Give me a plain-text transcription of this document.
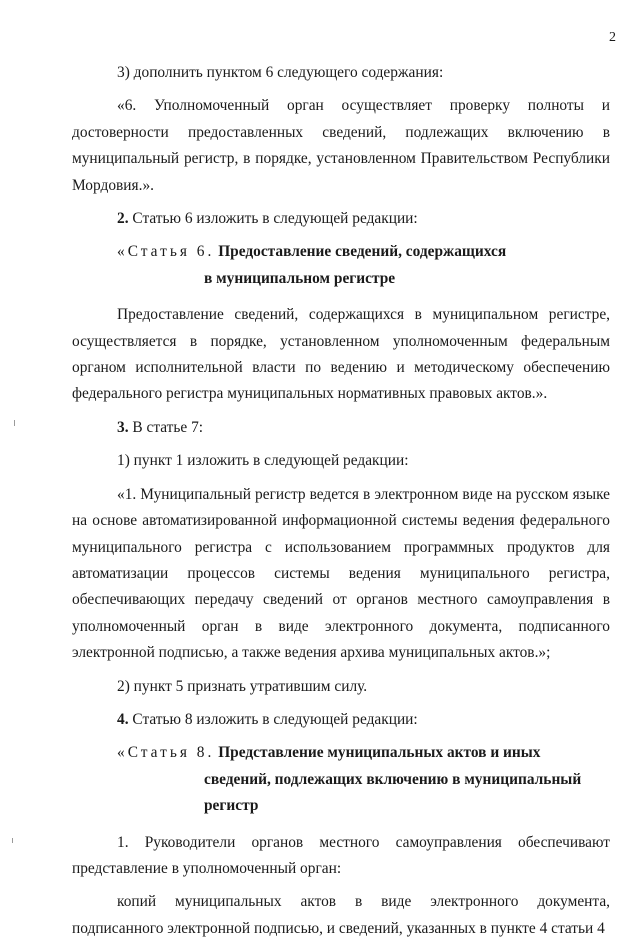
2

3) дополнить пунктом 6 следующего содержания:

«6. Уполномоченный орган осуществляет проверку полноты и достоверности предоставленных сведений, подлежащих включению в муниципальный регистр, в порядке, установленном Правительством Республики Мордовия.».

2. Статью 6 изложить в следующей редакции:

«Статья 6. Предоставление сведений, содержащихся
в муниципальном регистре

Предоставление сведений, содержащихся в муниципальном регистре, осуществляется в порядке, установленном уполномоченным федеральным органом исполнительной власти по ведению и методическому обеспечению федерального регистра муниципальных нормативных правовых актов.».

3. В статье 7:

1) пункт 1 изложить в следующей редакции:

«1. Муниципальный регистр ведется в электронном виде на русском языке на основе автоматизированной информационной системы ведения федерального муниципального регистра с использованием программных продуктов для автоматизации процессов системы ведения муниципального регистра, обеспечивающих передачу сведений от органов местного самоуправления в уполномоченный орган в виде электронного документа, подписанного электронной подписью, а также ведения архива муниципальных актов.»;

2) пункт 5 признать утратившим силу.

4. Статью 8 изложить в следующей редакции:

«Статья 8. Представление муниципальных актов и иных
сведений, подлежащих включению в муниципальный
регистр

1. Руководители органов местного самоуправления обеспечивают представление в уполномоченный орган:

копий муниципальных актов в виде электронного документа, подписанного электронной подписью, и сведений, указанных в пункте 4 статьи 4
